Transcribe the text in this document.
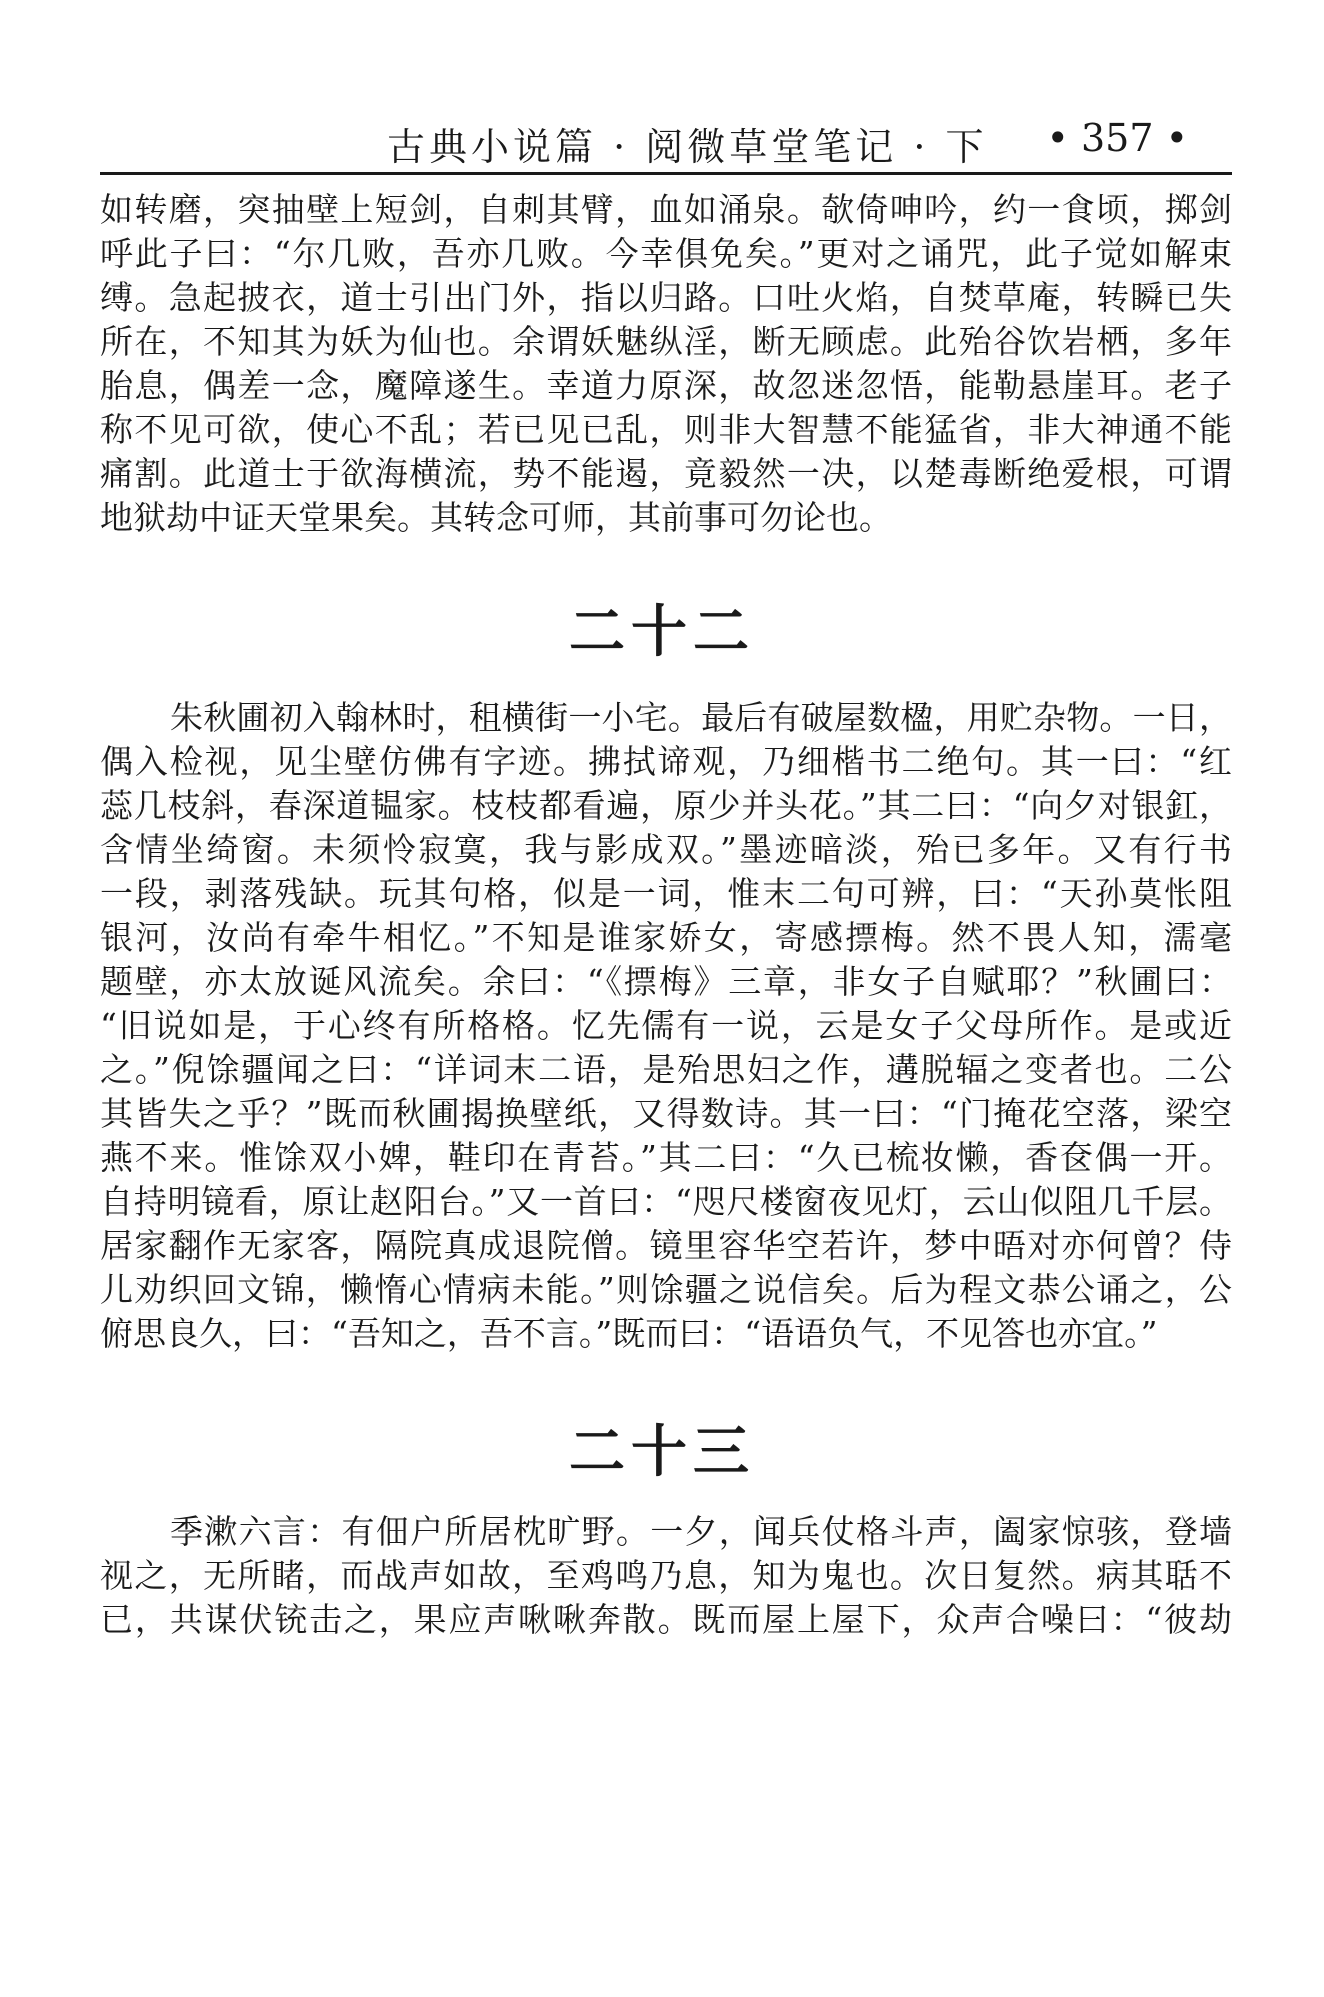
古典小说篇 · 阅微草堂笔记 · 下 • 357 •
如转磨，突抽壁上短剑，自刺其臂，血如涌泉。欹倚呻吟，约一食顷，掷剑
呼此子曰：“尔几败，吾亦几败。今幸俱免矣。”更对之诵咒，此子觉如解束
缚。急起披衣，道士引出门外，指以归路。口吐火焰，自焚草庵，转瞬已失
所在，不知其为妖为仙也。余谓妖魅纵淫，断无顾虑。此殆谷饮岩栖，多年
胎息，偶差一念，魔障遂生。幸道力原深，故忽迷忽悟，能勒悬崖耳。老子
称不见可欲，使心不乱；若已见已乱，则非大智慧不能猛省，非大神通不能
痛割。此道士于欲海横流，势不能遏，竟毅然一决，以楚毒断绝爱根，可谓
地狱劫中证天堂果矣。其转念可师，其前事可勿论也。
二十二
朱秋圃初入翰林时，租横街一小宅。最后有破屋数楹，用贮杂物。一日，
偶入检视，见尘壁仿佛有字迹。拂拭谛观，乃细楷书二绝句。其一曰：“红
蕊几枝斜，春深道韫家。枝枝都看遍，原少并头花。”其二曰：“向夕对银釭，
含情坐绮窗。未须怜寂寞，我与影成双。”墨迹暗淡，殆已多年。又有行书
一段，剥落残缺。玩其句格，似是一词，惟末二句可辨，曰：“天孙莫怅阻
银河，汝尚有牵牛相忆。”不知是谁家娇女，寄感摽梅。然不畏人知，濡毫
题壁，亦太放诞风流矣。余曰：“《摽梅》三章，非女子自赋耶？”秋圃曰：
“旧说如是，于心终有所格格。忆先儒有一说，云是女子父母所作。是或近
之。”倪馀疆闻之曰：“详词末二语，是殆思妇之作，遘脱辐之变者也。二公
其皆失之乎？”既而秋圃揭换壁纸，又得数诗。其一曰：“门掩花空落，梁空
燕不来。惟馀双小婢，鞋印在青苔。”其二曰：“久已梳妆懒，香奁偶一开。
自持明镜看，原让赵阳台。”又一首曰：“咫尺楼窗夜见灯，云山似阻几千层。
居家翻作无家客，隔院真成退院僧。镜里容华空若许，梦中晤对亦何曾？侍
儿劝织回文锦，懒惰心情病未能。”则馀疆之说信矣。后为程文恭公诵之，公
俯思良久，曰：“吾知之，吾不言。”既而曰：“语语负气，不见答也亦宜。”
二十三
季漱六言：有佃户所居枕旷野。一夕，闻兵仗格斗声，阖家惊骇，登墙
视之，无所睹，而战声如故，至鸡鸣乃息，知为鬼也。次日复然。病其聒不
已，共谋伏铳击之，果应声啾啾奔散。既而屋上屋下，众声合噪曰：“彼劫
